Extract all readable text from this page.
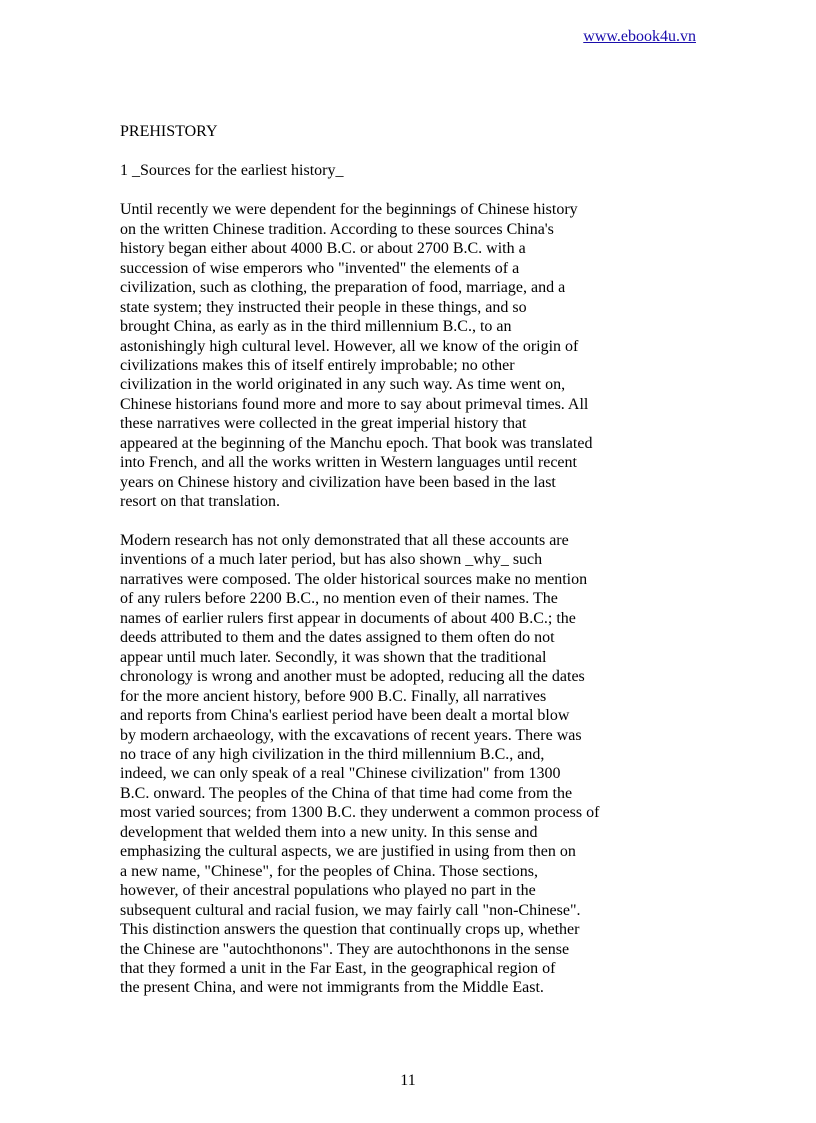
www.ebook4u.vn

PREHISTORY

1 _Sources for the earliest history_

Until recently we were dependent for the beginnings of Chinese history
on the written Chinese tradition. According to these sources China's
history began either about 4000 B.C. or about 2700 B.C. with a
succession of wise emperors who "invented" the elements of a
civilization, such as clothing, the preparation of food, marriage, and a
state system; they instructed their people in these things, and so
brought China, as early as in the third millennium B.C., to an
astonishingly high cultural level. However, all we know of the origin of
civilizations makes this of itself entirely improbable; no other
civilization in the world originated in any such way. As time went on,
Chinese historians found more and more to say about primeval times. All
these narratives were collected in the great imperial history that
appeared at the beginning of the Manchu epoch. That book was translated
into French, and all the works written in Western languages until recent
years on Chinese history and civilization have been based in the last
resort on that translation.
Modern research has not only demonstrated that all these accounts are
inventions of a much later period, but has also shown _why_ such
narratives were composed. The older historical sources make no mention
of any rulers before 2200 B.C., no mention even of their names. The
names of earlier rulers first appear in documents of about 400 B.C.; the
deeds attributed to them and the dates assigned to them often do not
appear until much later. Secondly, it was shown that the traditional
chronology is wrong and another must be adopted, reducing all the dates
for the more ancient history, before 900 B.C. Finally, all narratives
and reports from China's earliest period have been dealt a mortal blow
by modern archaeology, with the excavations of recent years. There was
no trace of any high civilization in the third millennium B.C., and,
indeed, we can only speak of a real "Chinese civilization" from 1300
B.C. onward. The peoples of the China of that time had come from the
most varied sources; from 1300 B.C. they underwent a common process of
development that welded them into a new unity. In this sense and
emphasizing the cultural aspects, we are justified in using from then on
a new name, "Chinese", for the peoples of China. Those sections,
however, of their ancestral populations who played no part in the
subsequent cultural and racial fusion, we may fairly call "non-Chinese".
This distinction answers the question that continually crops up, whether
the Chinese are "autochthonons". They are autochthonons in the sense
that they formed a unit in the Far East, in the geographical region of
the present China, and were not immigrants from the Middle East.
11
